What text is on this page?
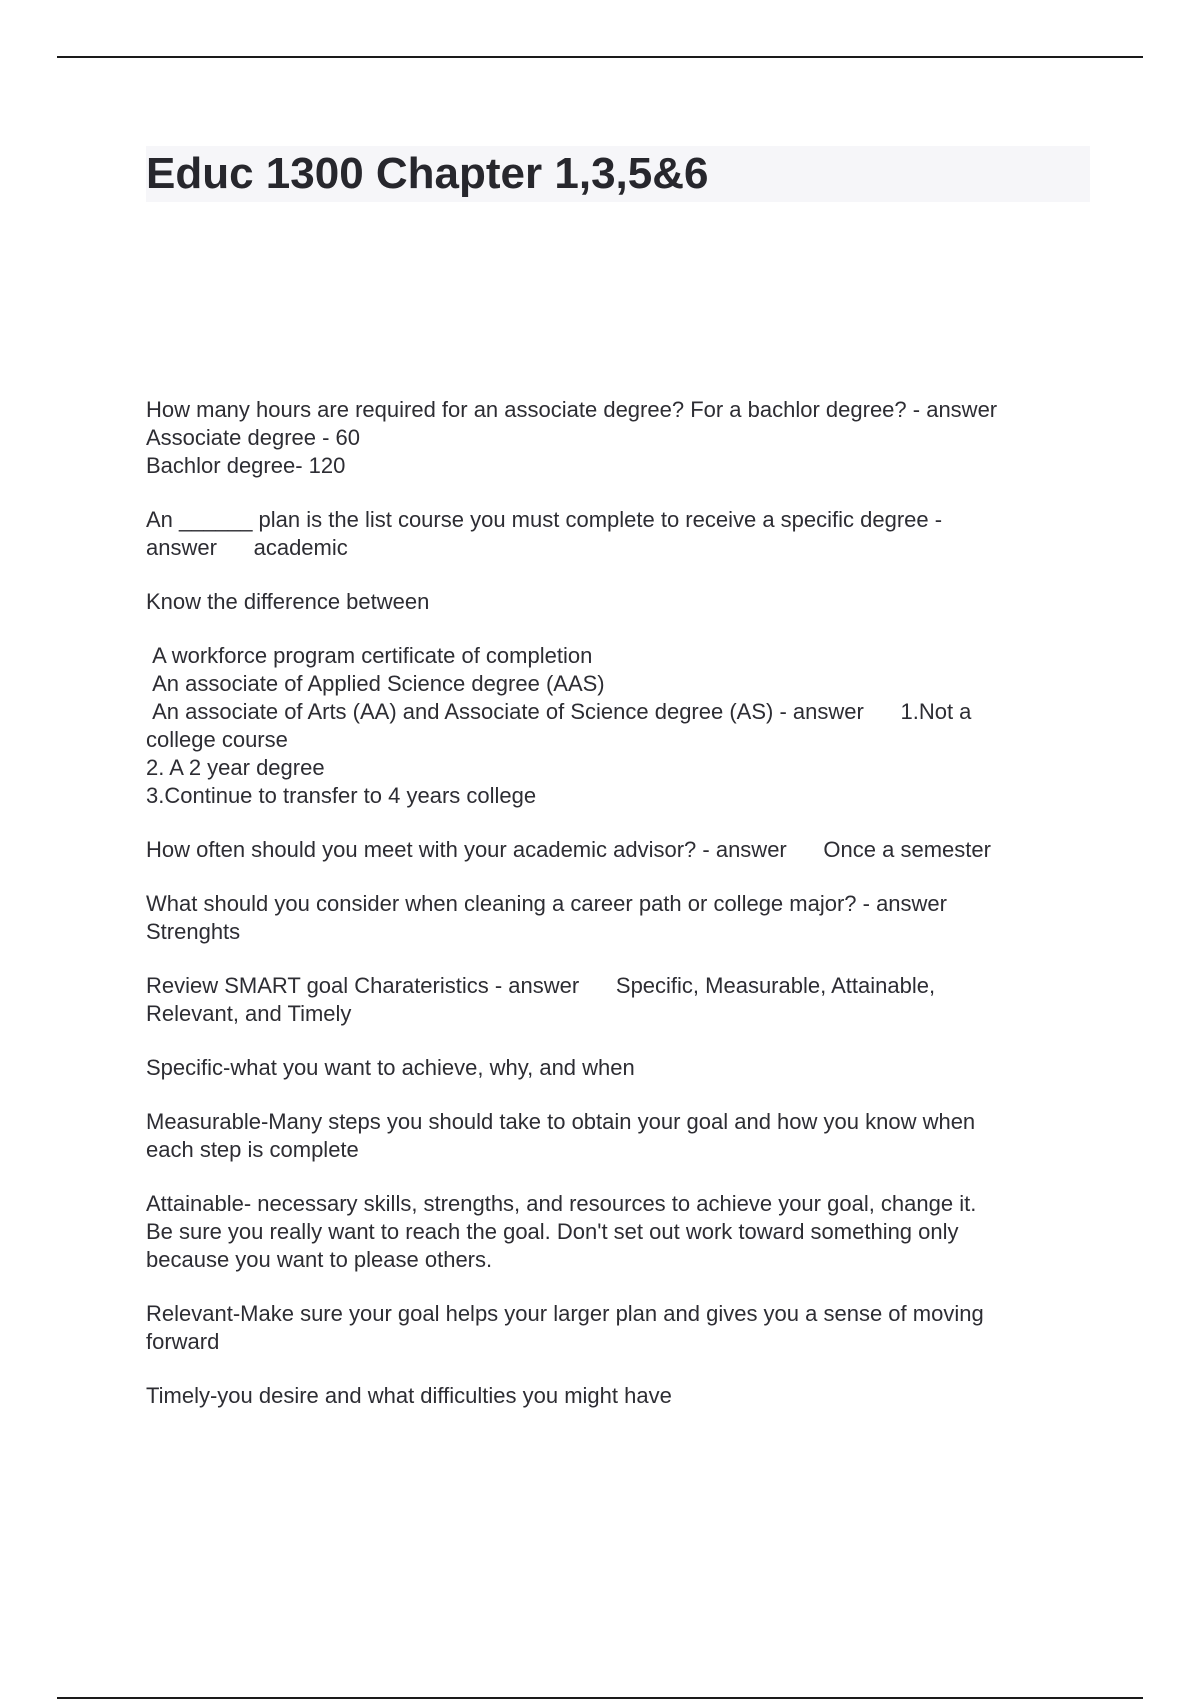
Educ 1300 Chapter 1,3,5&6

How many hours are required for an associate degree? For a bachlor degree? - answer
Associate degree - 60
Bachlor degree- 120

An ______ plan is the list course you must complete to receive a specific degree -
answer      academic

Know the difference between

A workforce program certificate of completion
An associate of Applied Science degree (AAS)
An associate of Arts (AA) and Associate of Science degree (AS) - answer      1.Not a
college course
2. A 2 year degree
3.Continue to transfer to 4 years college

How often should you meet with your academic advisor? - answer      Once a semester

What should you consider when cleaning a career path or college major? - answer
Strenghts

Review SMART goal Charateristics - answer      Specific, Measurable, Attainable,
Relevant, and Timely

Specific-what you want to achieve, why, and when

Measurable-Many steps you should take to obtain your goal and how you know when
each step is complete

Attainable- necessary skills, strengths, and resources to achieve your goal, change it.
Be sure you really want to reach the goal. Don't set out work toward something only
because you want to please others.

Relevant-Make sure your goal helps your larger plan and gives you a sense of moving
forward

Timely-you desire and what difficulties you might have
